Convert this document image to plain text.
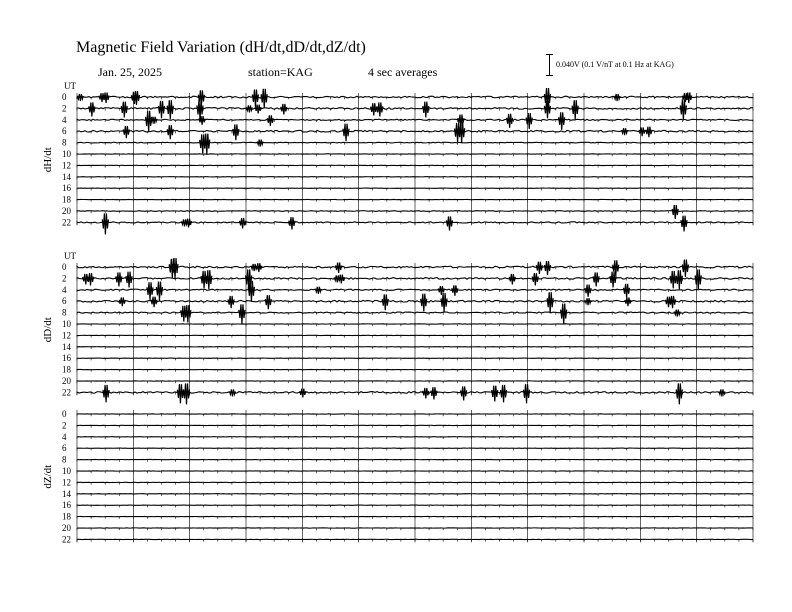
Magnetic Field Variation (dH/dt,dD/dt,dZ/dt)
Jan. 25, 2025	station=KAG	4 sec averages
0.040V (0.1 V/nT at 0.1 Hz at KAG)
UT
dH/dt
0
2
4
6
8
10
12
14
16
18
20
22
UT
dD/dt
0
2
4
6
8
10
12
14
16
18
20
22
dZ/dt
0
2
4
6
8
10
12
14
16
18
20
22
